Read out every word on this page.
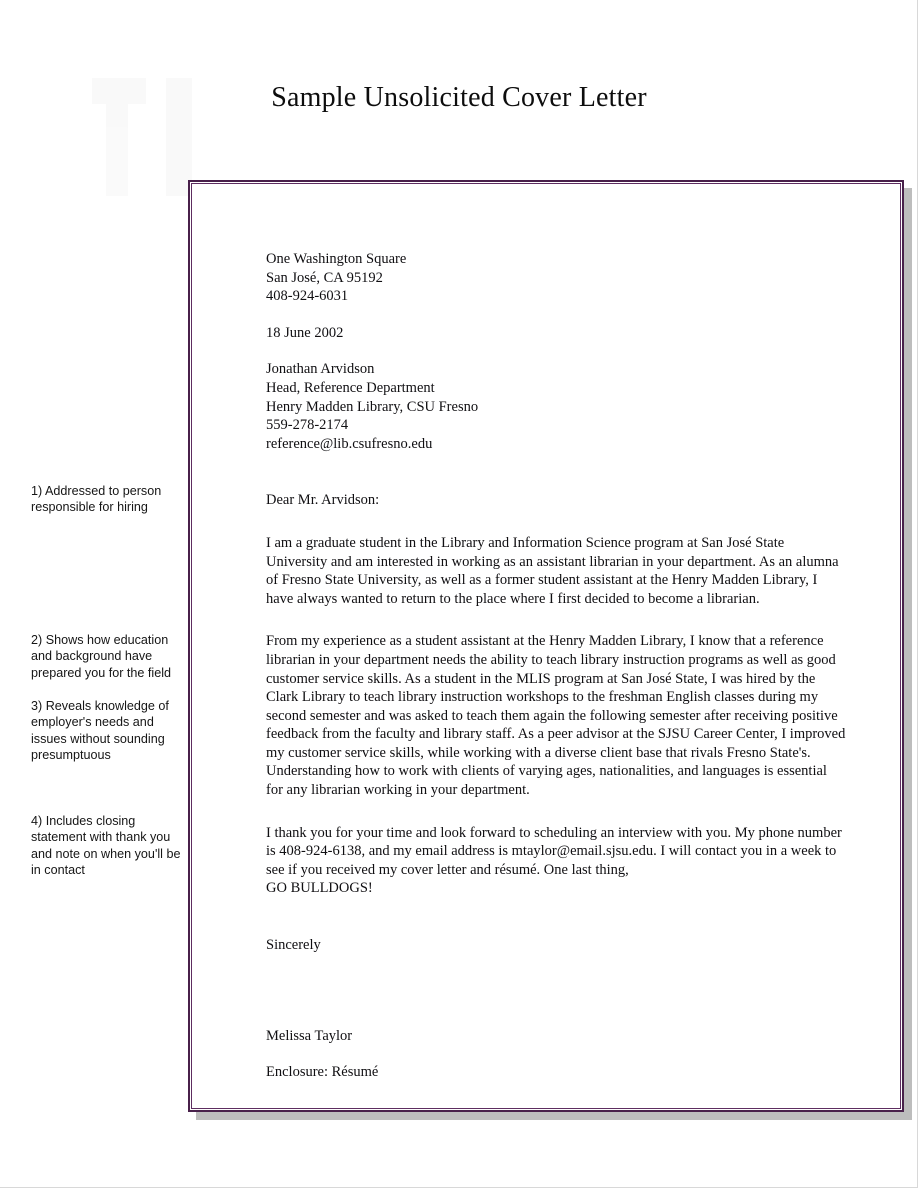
Sample Unsolicited Cover Letter
One Washington Square
San José, CA 95192
408-924-6031
18 June 2002
Jonathan Arvidson
Head, Reference Department
Henry Madden Library, CSU Fresno
559-278-2174
reference@lib.csufresno.edu
Dear Mr. Arvidson:

I am a graduate student in the Library and Information Science program at San José State University and am interested in working as an assistant librarian in your department. As an alumna of Fresno State University, as well as a former student assistant at the Henry Madden Library, I have always wanted to return to the place where I first decided to become a librarian.

From my experience as a student assistant at the Henry Madden Library, I know that a reference librarian in your department needs the ability to teach library instruction programs as well as good customer service skills. As a student in the MLIS program at San José State, I was hired by the Clark Library to teach library instruction workshops to the freshman English classes during my second semester and was asked to teach them again the following semester after receiving positive feedback from the faculty and library staff. As a peer advisor at the SJSU Career Center, I improved my customer service skills, while working with a diverse client base that rivals Fresno State's. Understanding how to work with clients of varying ages, nationalities, and languages is essential for any librarian working in your department.

I thank you for your time and look forward to scheduling an interview with you. My phone number is 408-924-6138, and my email address is mtaylor@email.sjsu.edu. I will contact you in a week to see if you received my cover letter and résumé. One last thing,

GO BULLDOGS!
Sincerely
Melissa Taylor
Enclosure: Résumé
1) Addressed to person responsible for hiring
2) Shows how education and background have prepared you for the field
3) Reveals knowledge of employer's needs and issues without sounding presumptuous
4) Includes closing statement with thank you and note on when you'll be in contact
